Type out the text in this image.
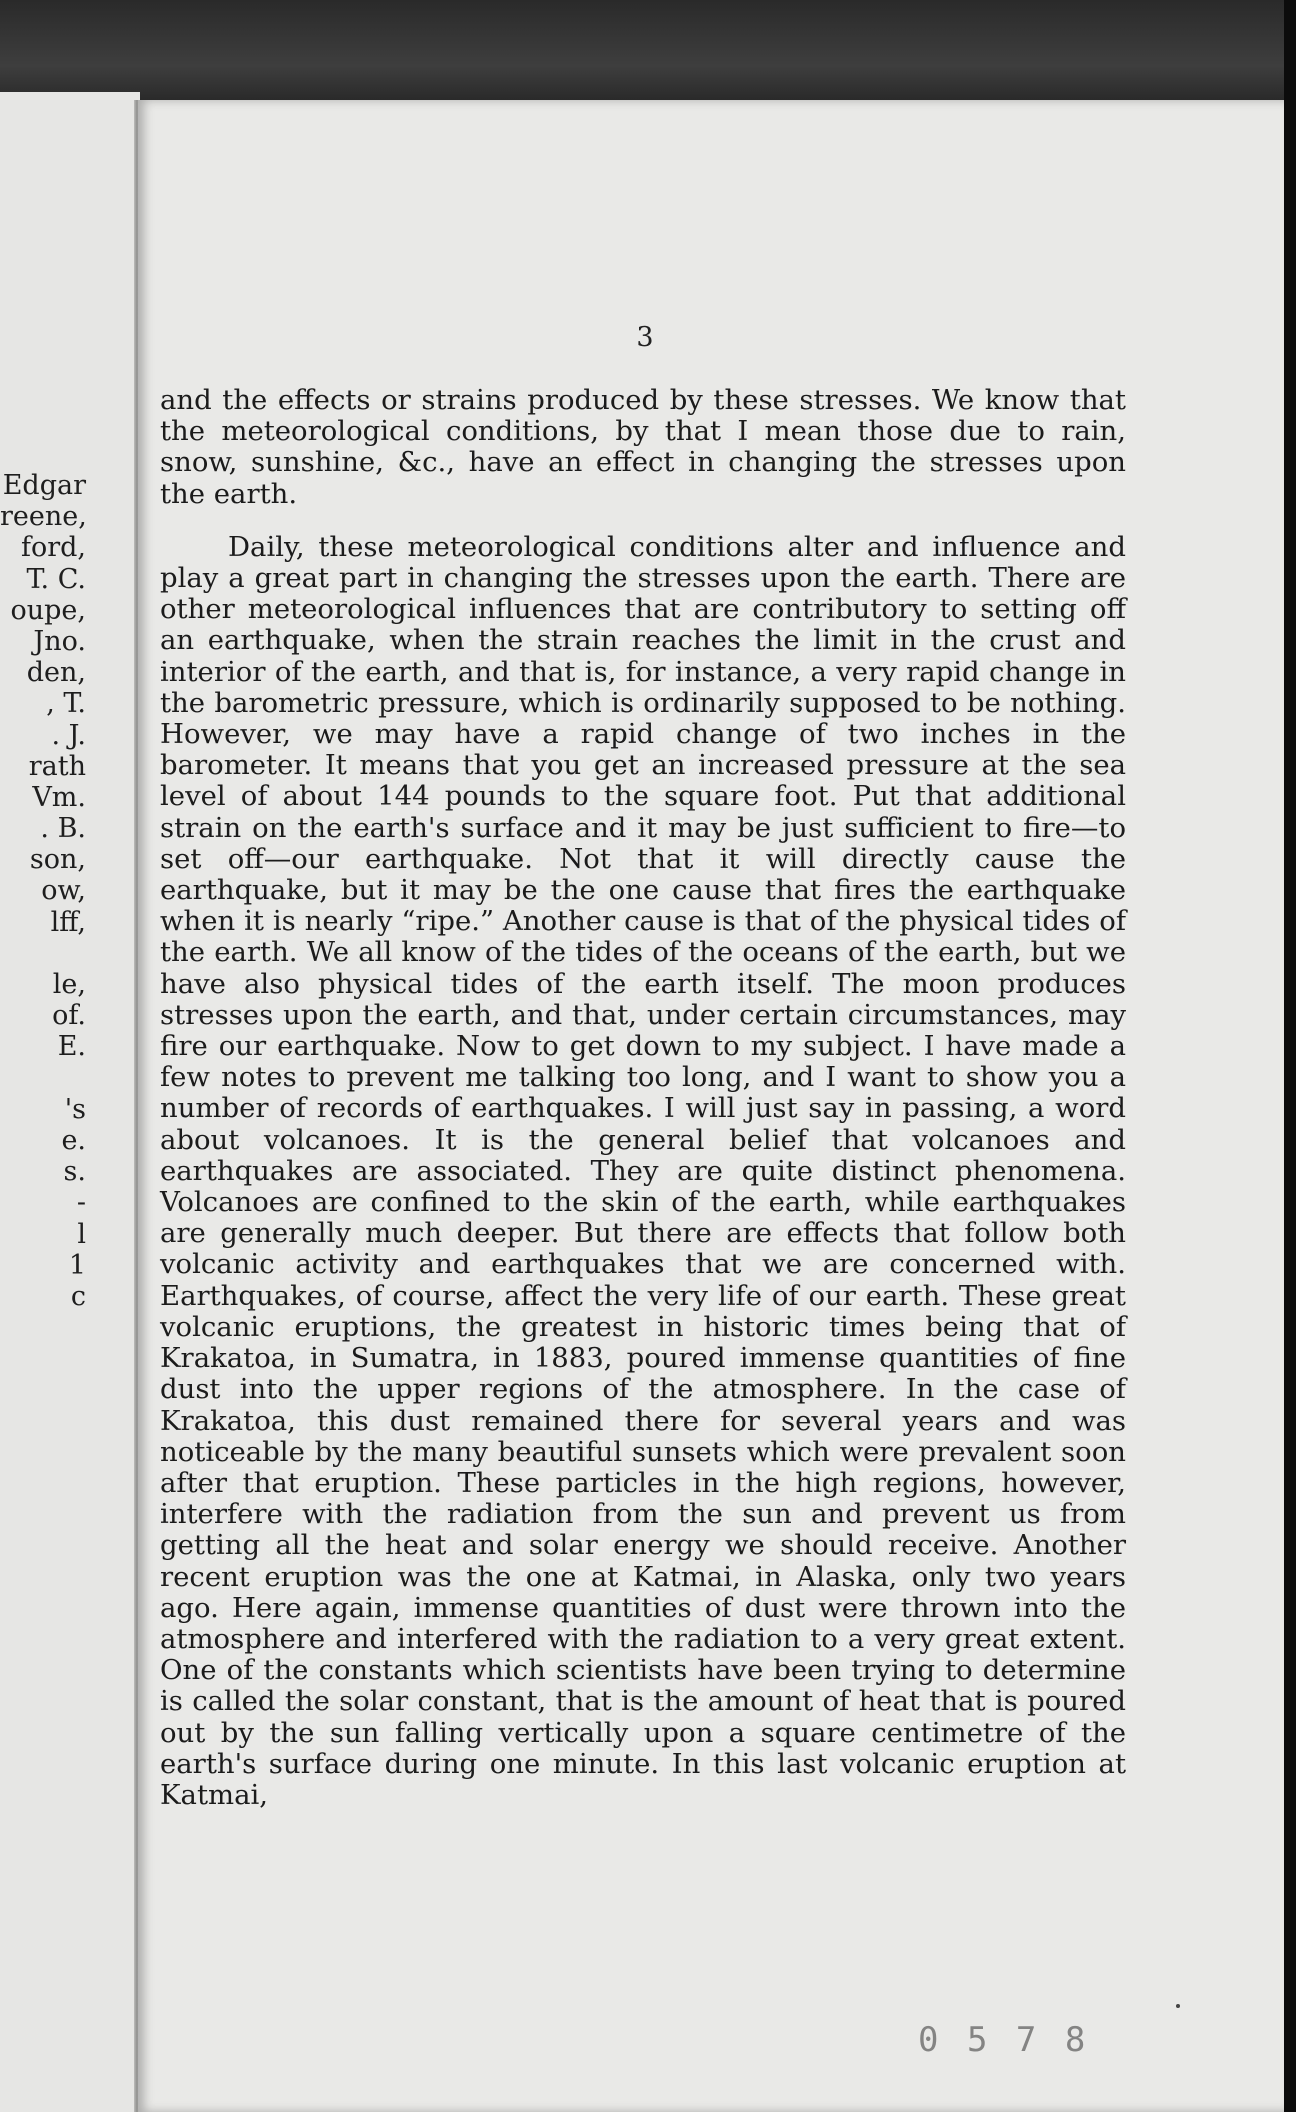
Edgar
reene,
ford,
T. C.
oupe,
Jno.
den,
, T.
. J.
rath
Vm.
. B.
son,
ow,
lff,
le,
of.
E.
's
e.
s.
-
l
1
c
3

and the effects or strains produced by these stresses. We know that the meteorological conditions, by that I mean those due to rain, snow, sunshine, &c., have an effect in changing the stresses upon the earth.

Daily, these meteorological conditions alter and influence and play a great part in changing the stresses upon the earth. There are other meteorological influences that are contributory to setting off an earthquake, when the strain reaches the limit in the crust and interior of the earth, and that is, for instance, a very rapid change in the barometric pressure, which is ordinarily supposed to be nothing. However, we may have a rapid change of two inches in the barometer. It means that you get an increased pressure at the sea level of about 144 pounds to the square foot. Put that additional strain on the earth's surface and it may be just sufficient to fire—to set off—our earthquake. Not that it will directly cause the earthquake, but it may be the one cause that fires the earthquake when it is nearly “ripe.” Another cause is that of the physical tides of the earth. We all know of the tides of the oceans of the earth, but we have also physical tides of the earth itself. The moon produces stresses upon the earth, and that, under certain circumstances, may fire our earthquake. Now to get down to my subject. I have made a few notes to prevent me talking too long, and I want to show you a number of records of earthquakes. I will just say in passing, a word about volcanoes. It is the general belief that volcanoes and earthquakes are associated. They are quite distinct phenomena. Volcanoes are confined to the skin of the earth, while earthquakes are generally much deeper. But there are effects that follow both volcanic activity and earthquakes that we are concerned with. Earthquakes, of course, affect the very life of our earth. These great volcanic eruptions, the greatest in historic times being that of Krakatoa, in Sumatra, in 1883, poured immense quantities of fine dust into the upper regions of the atmosphere. In the case of Krakatoa, this dust remained there for several years and was noticeable by the many beautiful sunsets which were prevalent soon after that eruption. These particles in the high regions, however, interfere with the radiation from the sun and prevent us from getting all the heat and solar energy we should receive. Another recent eruption was the one at Katmai, in Alaska, only two years ago. Here again, immense quantities of dust were thrown into the atmosphere and interfered with the radiation to a very great extent. One of the constants which scientists have been trying to determine is called the solar constant, that is the amount of heat that is poured out by the sun falling vertically upon a square centimetre of the earth's surface during one minute. In this last volcanic eruption at Katmai,

0 5 7 8
